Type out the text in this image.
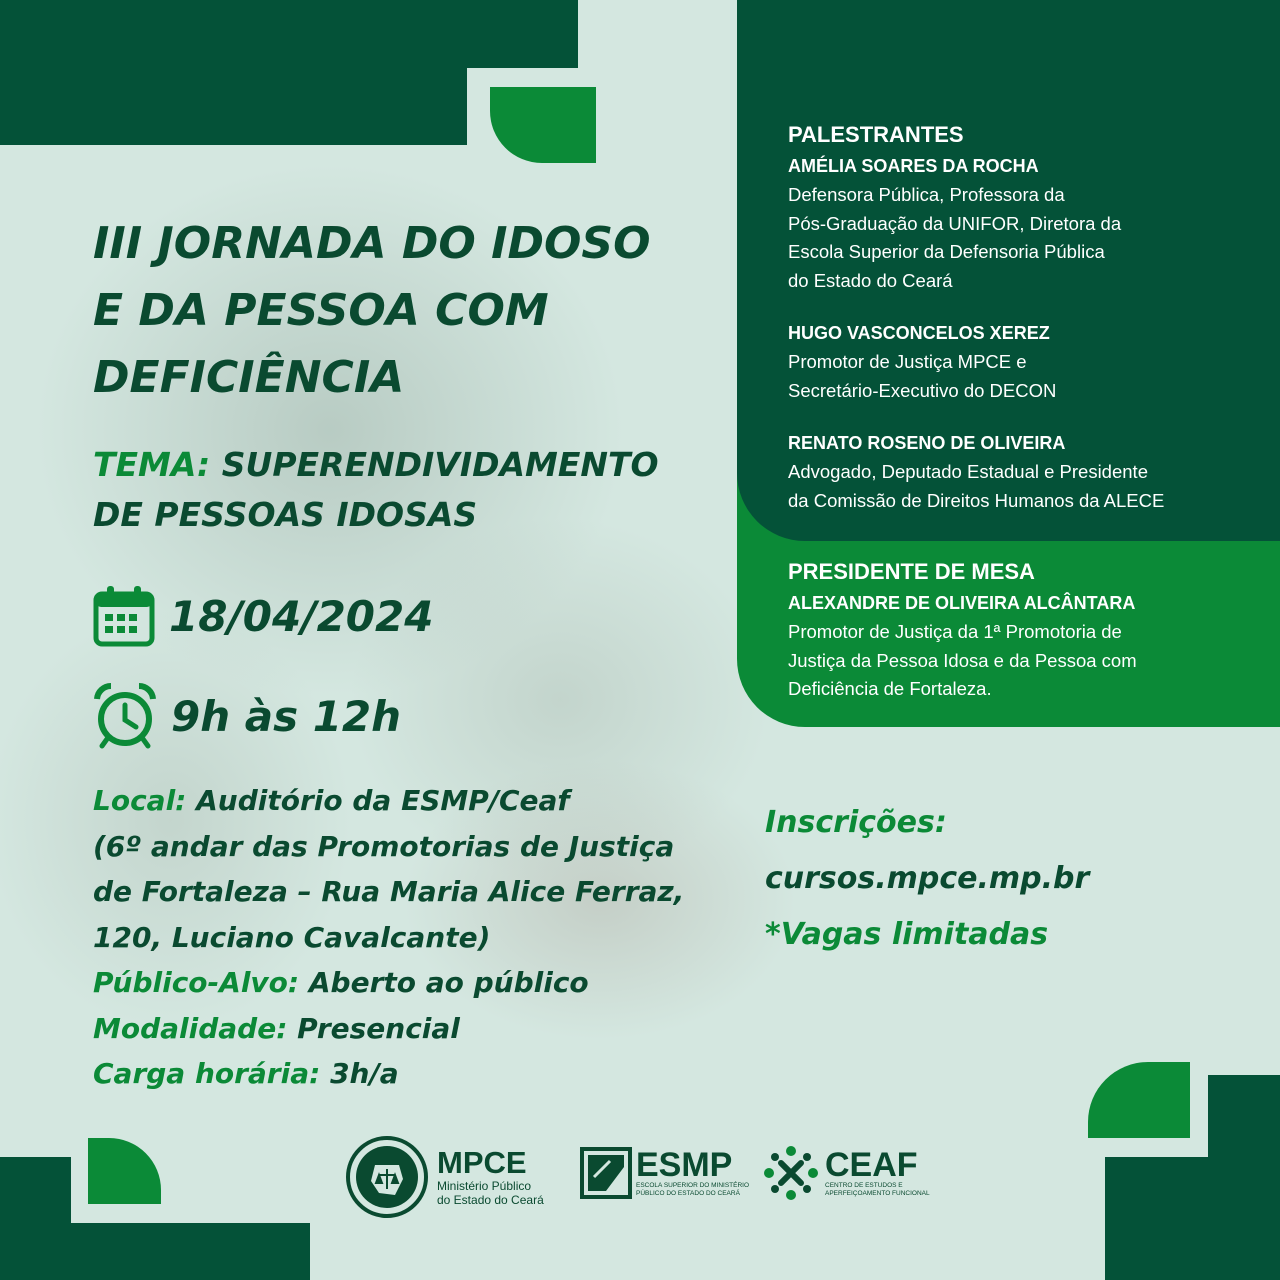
III JORNADA DO IDOSO
E DA PESSOA COM
DEFICIÊNCIA
TEMA: SUPERENDIVIDAMENTO
DE PESSOAS IDOSAS
18/04/2024
9h às 12h
Local: Auditório da ESMP/Ceaf
(6º andar das Promotorias de Justiça
de Fortaleza – Rua Maria Alice Ferraz,
120, Luciano Cavalcante)
Público-Alvo: Aberto ao público
Modalidade: Presencial
Carga horária: 3h/a
PALESTRANTES
AMÉLIA SOARES DA ROCHA
Defensora Pública, Professora da
Pós-Graduação da UNIFOR, Diretora da
Escola Superior da Defensoria Pública
do Estado do Ceará
HUGO VASCONCELOS XEREZ
Promotor de Justiça MPCE e
Secretário-Executivo do DECON
RENATO ROSENO DE OLIVEIRA
Advogado, Deputado Estadual e Presidente
da Comissão de Direitos Humanos da ALECE
PRESIDENTE DE MESA
ALEXANDRE DE OLIVEIRA ALCÂNTARA
Promotor de Justiça da 1ª Promotoria de
Justiça da Pessoa Idosa e da Pessoa com
Deficiência de Fortaleza.
Inscrições:
cursos.mpce.mp.br
*Vagas limitadas
MPCE
Ministério Público
do Estado do Ceará
ESMP
ESCOLA SUPERIOR DO MINISTÉRIO
PÚBLICO DO ESTADO DO CEARÁ
CEAF
CENTRO DE ESTUDOS E
APERFEIÇOAMENTO FUNCIONAL
